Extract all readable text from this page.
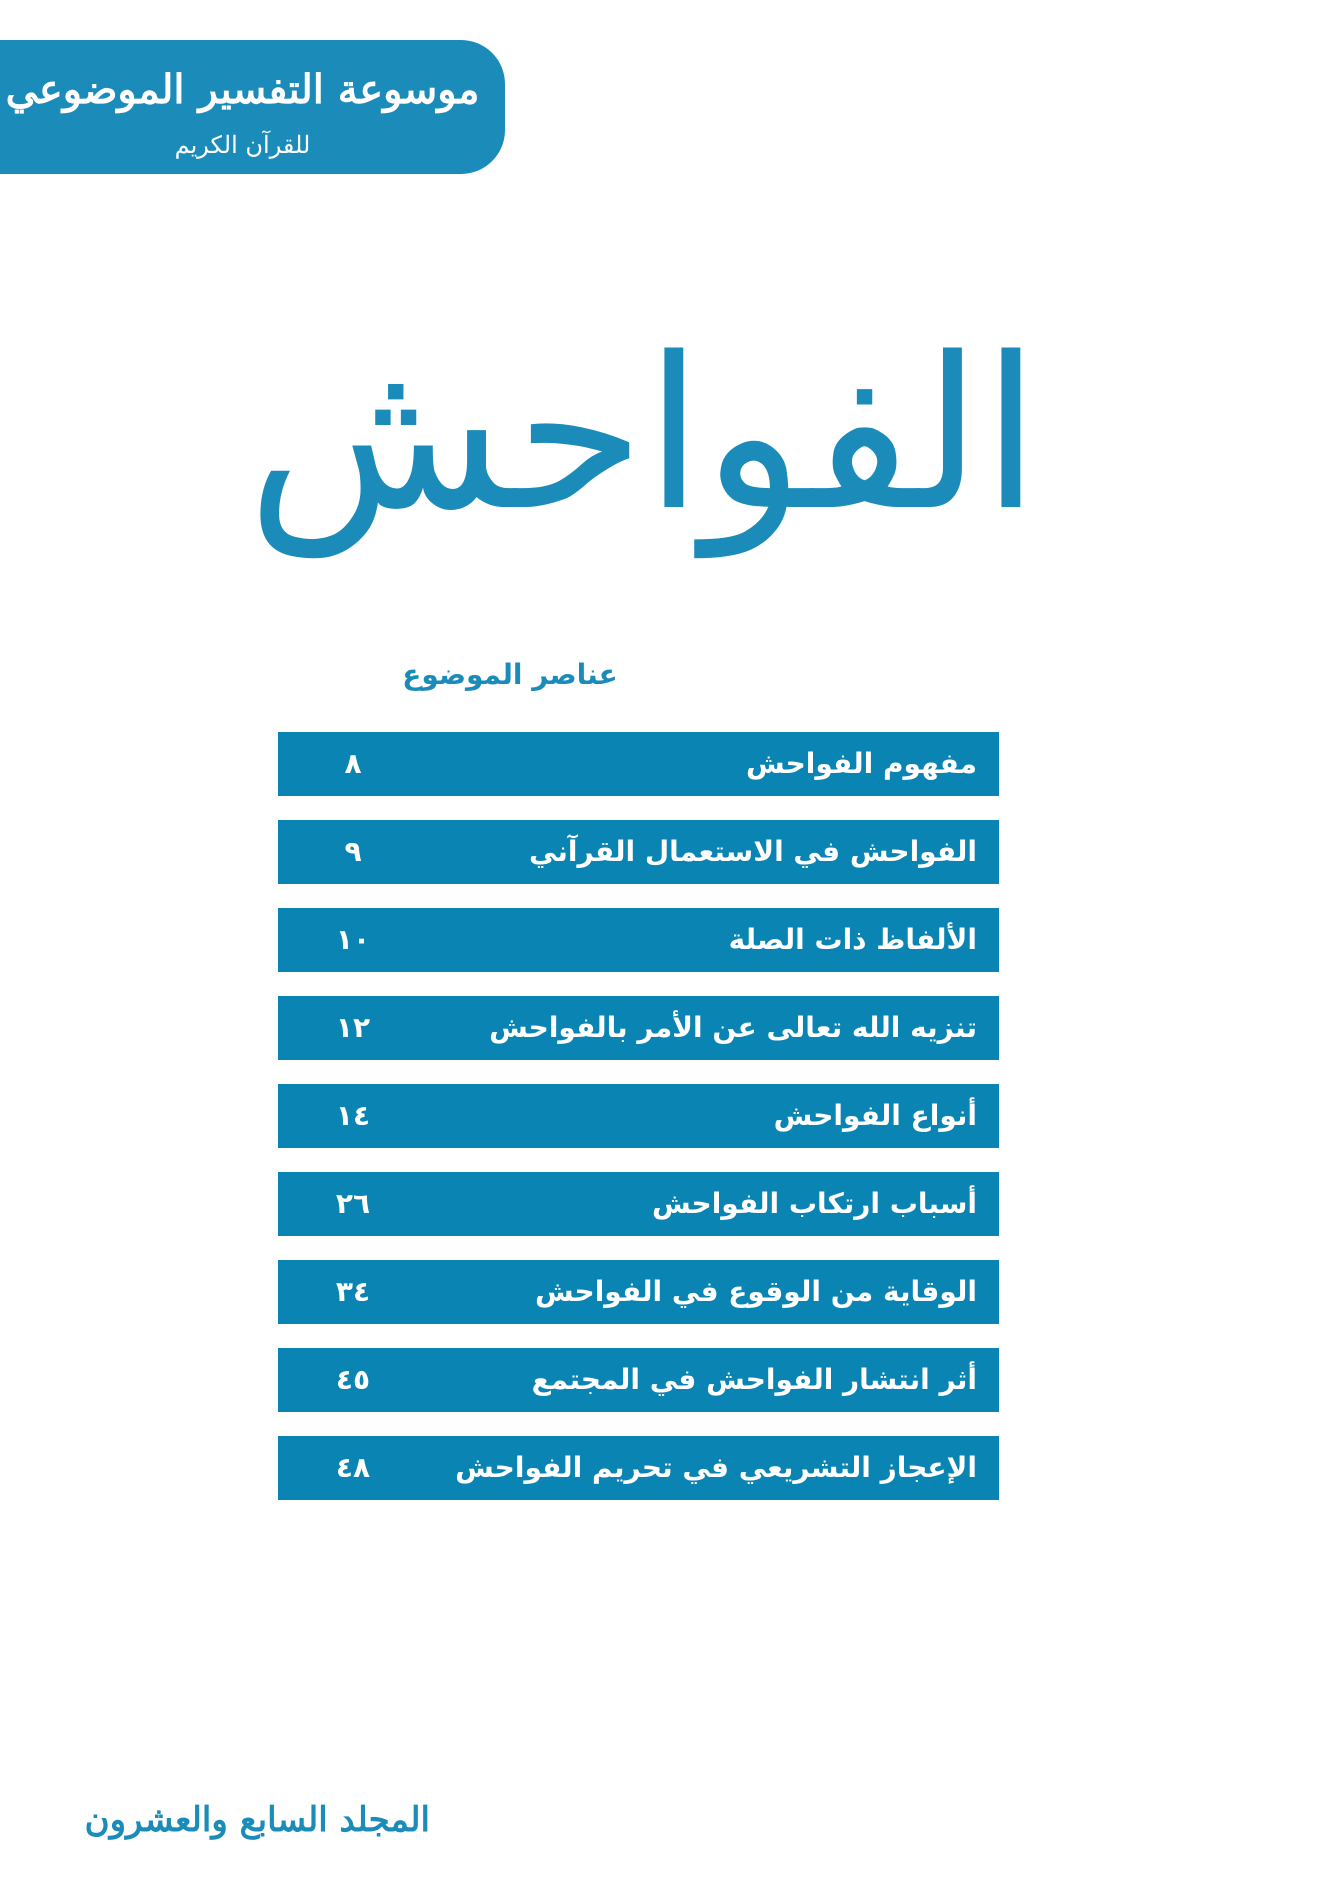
موسوعة التفسير الموضوعي
للقرآن الكريم
الفواحش
عناصر الموضوع
مفهوم الفواحش
٨
الفواحش في الاستعمال القرآني
٩
الألفاظ ذات الصلة
١٠
تنزيه الله تعالى عن الأمر بالفواحش
١٢
أنواع الفواحش
١٤
أسباب ارتكاب الفواحش
٢٦
الوقاية من الوقوع في الفواحش
٣٤
أثر انتشار الفواحش في المجتمع
٤٥
الإعجاز التشريعي في تحريم الفواحش
٤٨
المجلد السابع والعشرون
